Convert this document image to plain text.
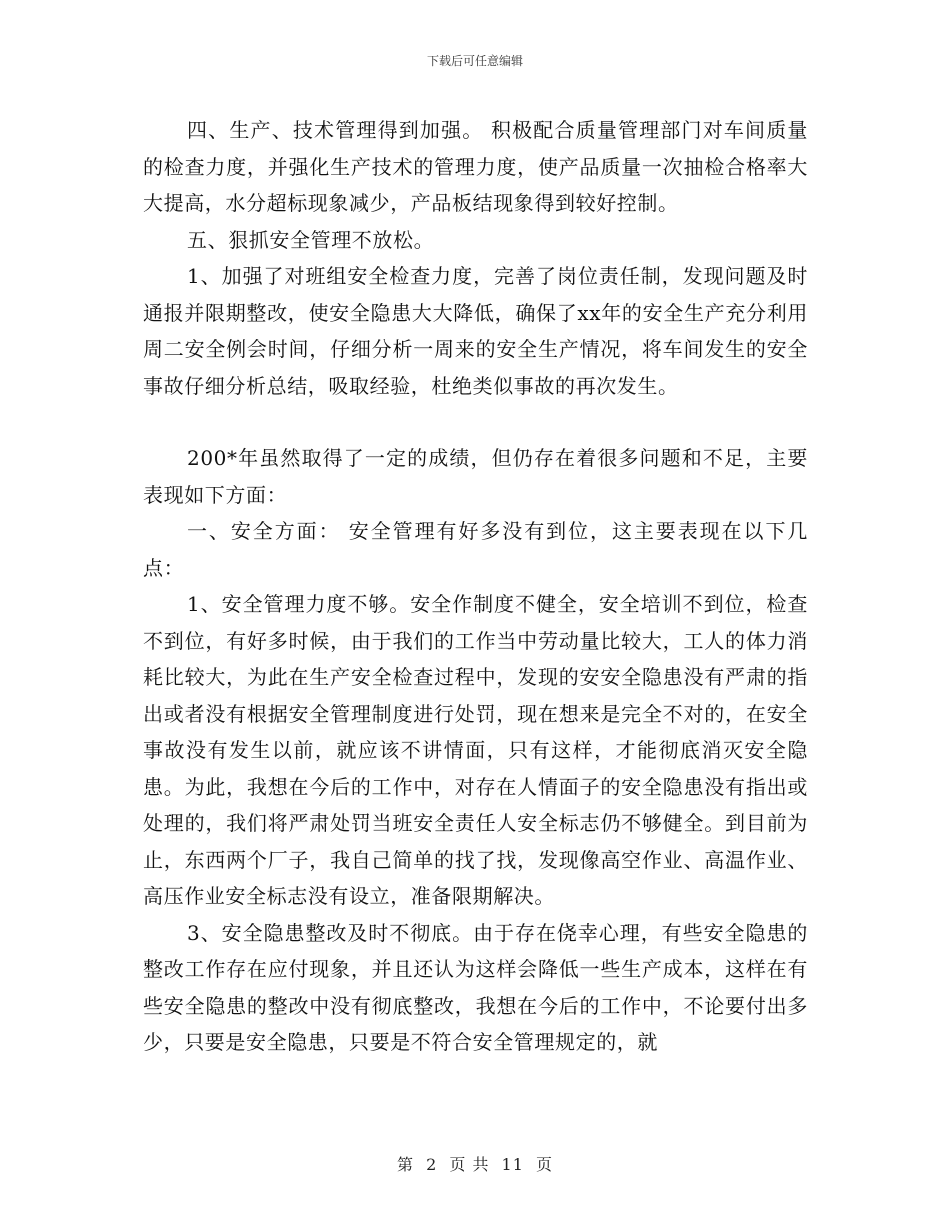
下载后可任意编辑

四、生产、技术管理得到加强。 积极配合质量管理部门对车间质量的检查力度，并强化生产技术的管理力度，使产品质量一次抽检合格率大大提高，水分超标现象减少，产品板结现象得到较好控制。

五、狠抓安全管理不放松。

1、加强了对班组安全检查力度，完善了岗位责任制，发现问题及时通报并限期整改，使安全隐患大大降低，确保了xx年的安全生产充分利用周二安全例会时间，仔细分析一周来的安全生产情况，将车间发生的安全事故仔细分析总结，吸取经验，杜绝类似事故的再次发生。

200*年虽然取得了一定的成绩，但仍存在着很多问题和不足，主要表现如下方面：

一、安全方面： 安全管理有好多没有到位，这主要表现在以下几点：

1、安全管理力度不够。安全作制度不健全，安全培训不到位，检查不到位，有好多时候，由于我们的工作当中劳动量比较大，工人的体力消耗比较大，为此在生产安全检查过程中，发现的安安全隐患没有严肃的指出或者没有根据安全管理制度进行处罚，现在想来是完全不对的，在安全事故没有发生以前，就应该不讲情面，只有这样，才能彻底消灭安全隐患。为此，我想在今后的工作中，对存在人情面子的安全隐患没有指出或处理的，我们将严肃处罚当班安全责任人安全标志仍不够健全。到目前为止，东西两个厂子，我自己简单的找了找，发现像高空作业、高温作业、高压作业安全标志没有设立，准备限期解决。

3、安全隐患整改及时不彻底。由于存在侥幸心理，有些安全隐患的整改工作存在应付现象，并且还认为这样会降低一些生产成本，这样在有些安全隐患的整改中没有彻底整改，我想在今后的工作中，不论要付出多少，只要是安全隐患，只要是不符合安全管理规定的，就

第 2 页 共 11 页
